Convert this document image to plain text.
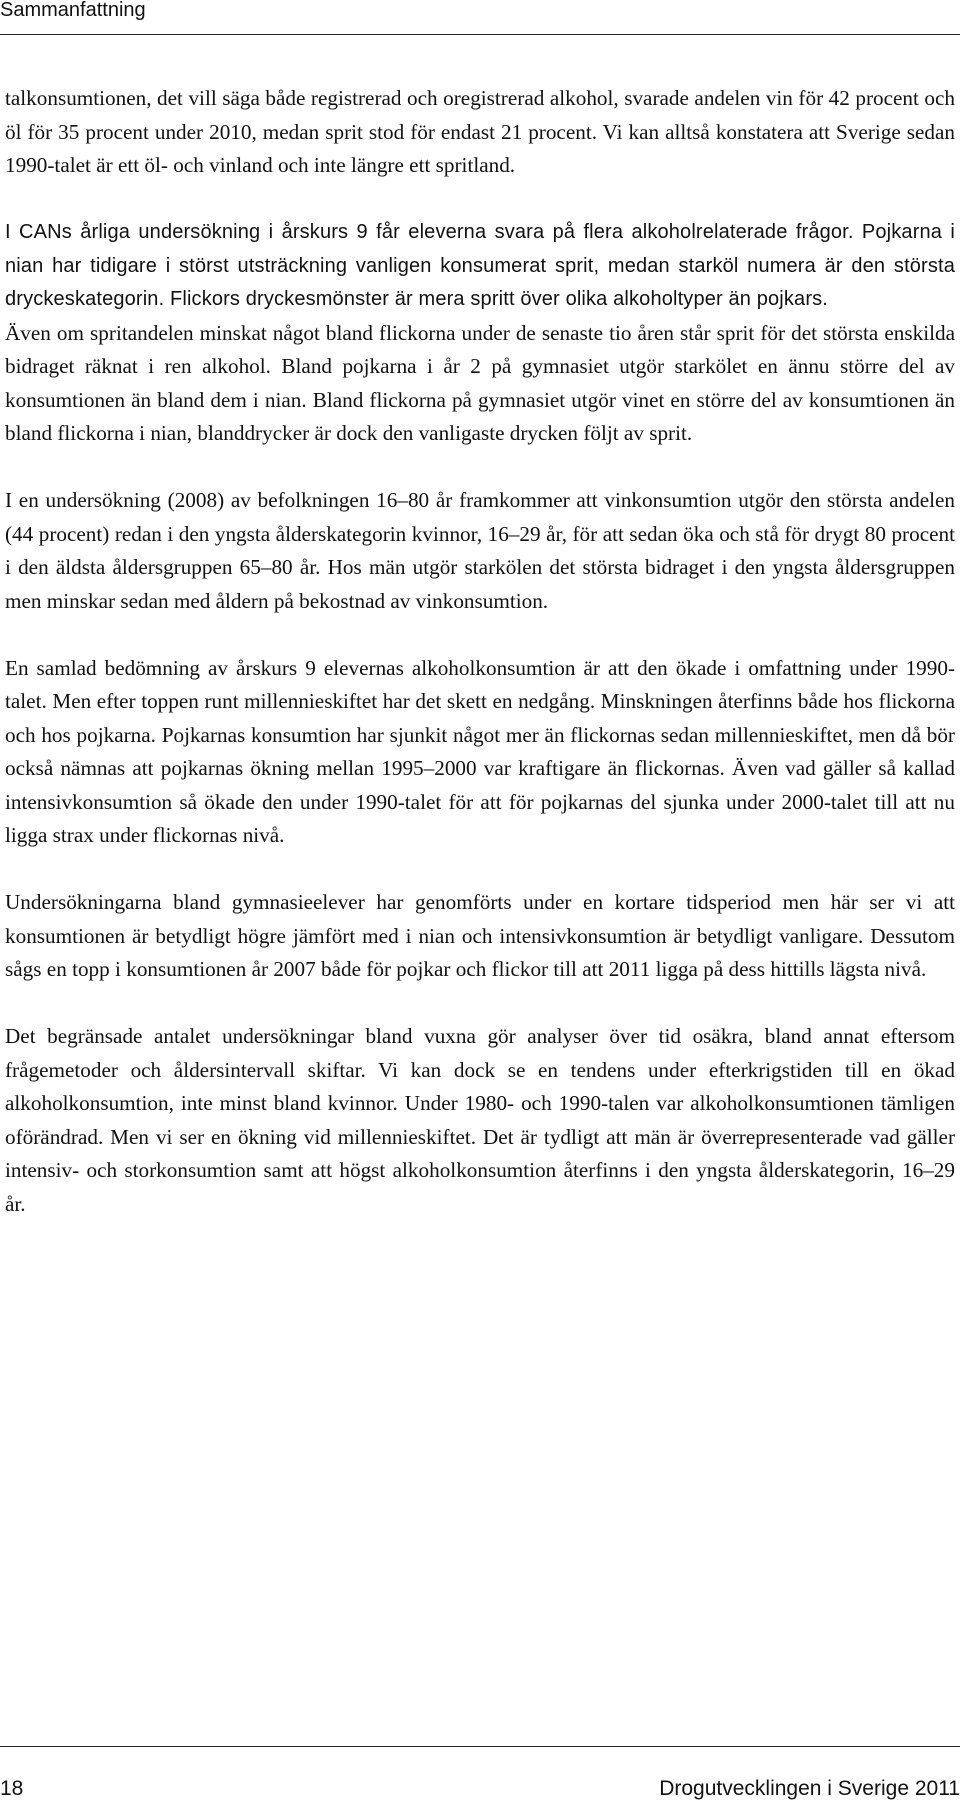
Sammanfattning

talkonsumtionen, det vill säga både registrerad och oregistrerad alkohol, svarade andelen vin för 42 procent och öl för 35 procent under 2010, medan sprit stod för endast 21 procent. Vi kan alltså konstatera att Sverige sedan 1990-talet är ett öl- och vinland och inte längre ett spritland.

I CANs årliga undersökning i årskurs 9 får eleverna svara på flera alkoholrelaterade frågor. Pojkarna i nian har tidigare i störst utsträckning vanligen konsumerat sprit, medan starköl numera är den största dryckeskategorin. Flickors dryckesmönster är mera spritt över olika alkoholtyper än pojkars.

Även om spritandelen minskat något bland flickorna under de senaste tio åren står sprit för det största enskilda bidraget räknat i ren alkohol. Bland pojkarna i år 2 på gymnasiet utgör starkölet en ännu större del av konsumtionen än bland dem i nian. Bland flickorna på gymnasiet utgör vinet en större del av konsumtionen än bland flickorna i nian, blanddrycker är dock den vanligaste drycken följt av sprit.

I en undersökning (2008) av befolkningen 16–80 år framkommer att vinkonsumtion utgör den största andelen (44 procent) redan i den yngsta ålderskategorin kvinnor, 16–29 år, för att sedan öka och stå för drygt 80 procent i den äldsta åldersgruppen 65–80 år. Hos män utgör starkölen det största bidraget i den yngsta åldersgruppen men minskar sedan med åldern på bekostnad av vinkonsumtion.

En samlad bedömning av årskurs 9 elevernas alkoholkonsumtion är att den ökade i omfattning under 1990-talet. Men efter toppen runt millennieskiftet har det skett en nedgång. Minskningen återfinns både hos flickorna och hos pojkarna. Pojkarnas konsumtion har sjunkit något mer än flickornas sedan millennieskiftet, men då bör också nämnas att pojkarnas ökning mellan 1995–2000 var kraftigare än flickornas. Även vad gäller så kallad intensivkonsumtion så ökade den under 1990-talet för att för pojkarnas del sjunka under 2000-talet till att nu ligga strax under flickornas nivå.

Undersökningarna bland gymnasieelever har genomförts under en kortare tidsperiod men här ser vi att konsumtionen är betydligt högre jämfört med i nian och intensivkonsumtion är betydligt vanligare. Dessutom sågs en topp i konsumtionen år 2007 både för pojkar och flickor till att 2011 ligga på dess hittills lägsta nivå.

Det begränsade antalet undersökningar bland vuxna gör analyser över tid osäkra, bland annat eftersom frågemetoder och åldersintervall skiftar. Vi kan dock se en tendens under efterkrigstiden till en ökad alkoholkonsumtion, inte minst bland kvinnor. Under 1980- och 1990-talen var alkoholkonsumtionen tämligen oförändrad. Men vi ser en ökning vid millennieskiftet. Det är tydligt att män är överrepresenterade vad gäller intensiv- och storkonsumtion samt att högst alkoholkonsumtion återfinns i den yngsta ålderskategorin, 16–29 år.

18	Drogutvecklingen i Sverige 2011
